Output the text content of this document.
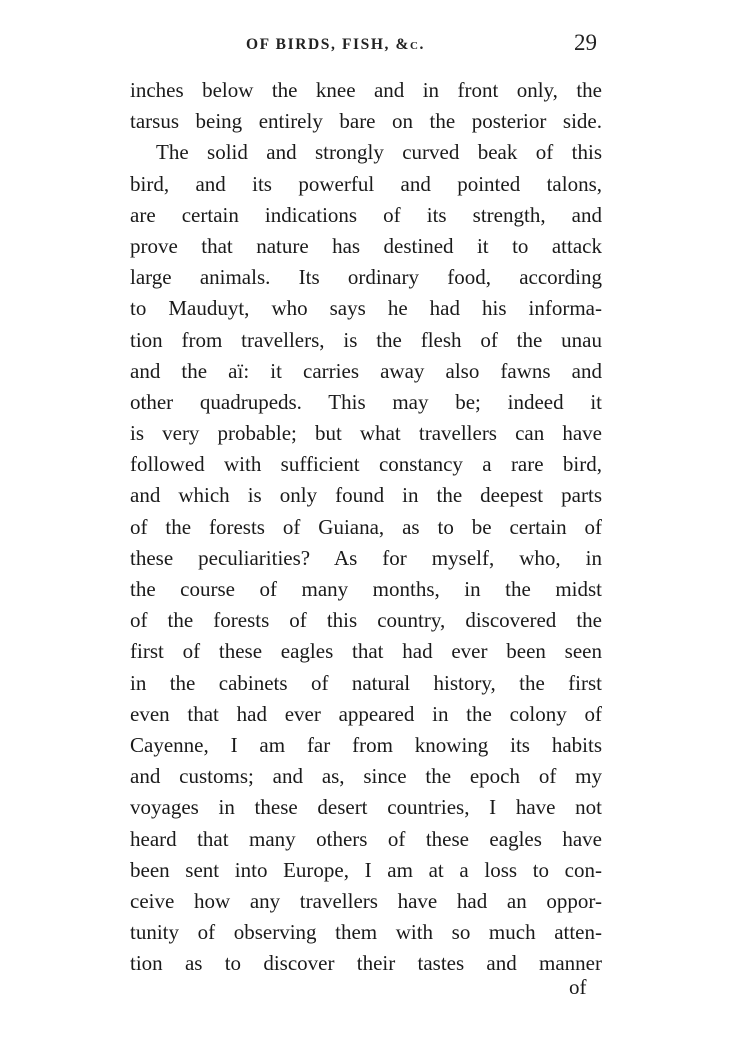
OF BIRDS, FISH, &c.	29
inches below the knee and in front only, the
tarsus being entirely bare on the posterior side.
The solid and strongly curved beak of this
bird, and its powerful and pointed talons,
are certain indications of its strength, and
prove that nature has destined it to attack
large animals. Its ordinary food, according
to Mauduyt, who says he had his informa-
tion from travellers, is the flesh of the unau
and the aï: it carries away also fawns and
other quadrupeds. This may be; indeed it
is very probable; but what travellers can have
followed with sufficient constancy a rare bird,
and which is only found in the deepest parts
of the forests of Guiana, as to be certain of
these peculiarities? As for myself, who, in
the course of many months, in the midst
of the forests of this country, discovered the
first of these eagles that had ever been seen
in the cabinets of natural history, the first
even that had ever appeared in the colony of
Cayenne, I am far from knowing its habits
and customs; and as, since the epoch of my
voyages in these desert countries, I have not
heard that many others of these eagles have
been sent into Europe, I am at a loss to con-
ceive how any travellers have had an oppor-
tunity of observing them with so much atten-
tion as to discover their tastes and manner
of
